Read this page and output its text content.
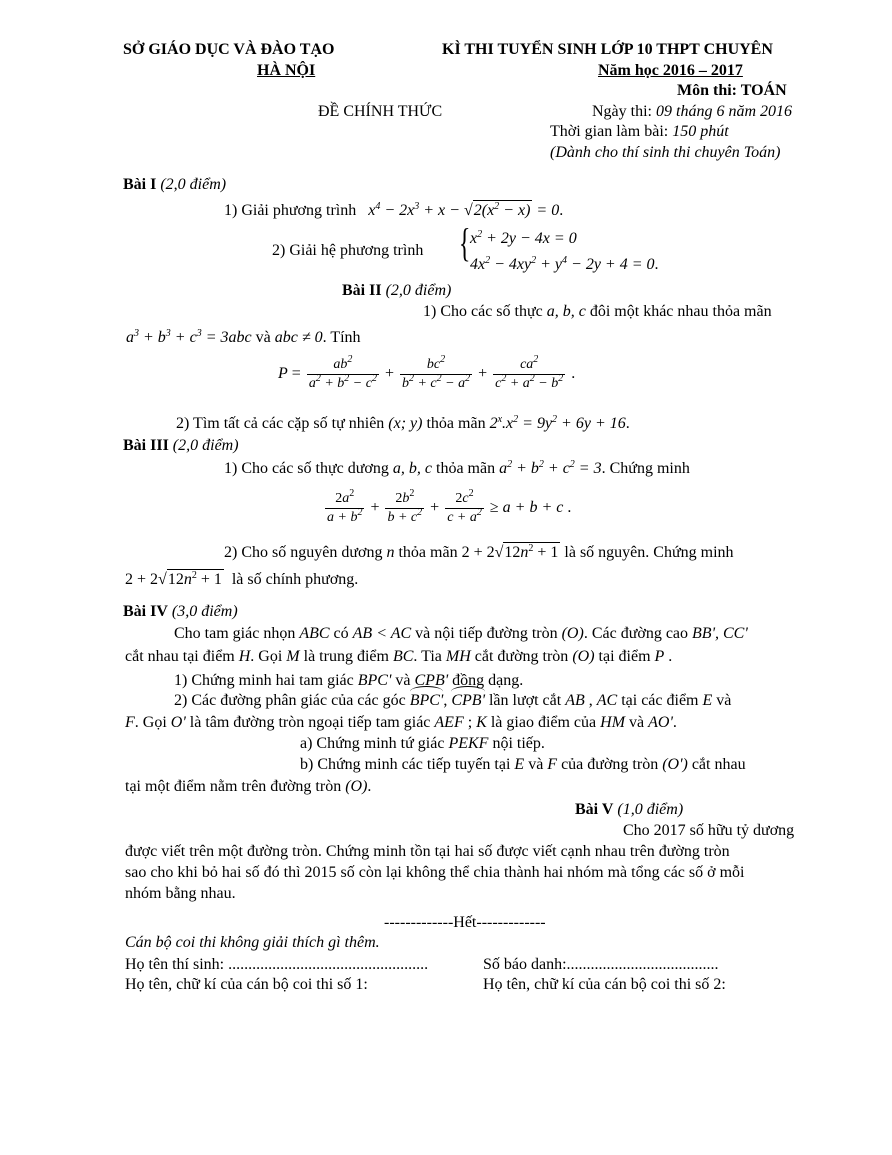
SỞ GIÁO DỤC VÀ ĐÀO TẠO
HÀ NỘI
KÌ THI TUYỂN SINH LỚP 10 THPT CHUYÊN
Năm học 2016 – 2017
Môn thi: TOÁN
ĐỀ CHÍNH THỨC	Ngày thi: 09 tháng 6 năm 2016
Thời gian làm bài: 150 phút
(Dành cho thí sinh thi chuyên Toán)
Bài I (2,0 điểm)
1) Giải phương trình $x^4 - 2x^3 + x - √2(x^2 - x) = 0$.
2) Giải hệ phương trình { $x^2 + 2y - 4x = 0$
$4x^2 - 4xy^2 + y^4 - 2y + 4 = 0$.
Bài II (2,0 điểm)
1) Cho các số thực a, b, c đôi một khác nhau thỏa mãn
$a^3 + b^3 + c^3 = 3abc$ và abc ≠ 0. Tính
$P = \frac{ab^2}{a^2 + b^2 - c^2} + \frac{bc^2}{b^2 + c^2 - a^2} + \frac{ca^2}{c^2 + a^2 - b^2}$ .
2) Tìm tất cả các cặp số tự nhiên (x; y) thỏa mãn $2^x.x^2 = 9y^2 + 6y + 16$.
Bài III (2,0 điểm)
1) Cho các số thực dương a, b, c thỏa mãn $a^2 + b^2 + c^2 = 3$. Chứng minh
$\frac{2a^2}{a + b^2} + \frac{2b^2}{b + c^2} + \frac{2c^2}{c + a^2} \ge a + b + c$ .
2) Cho số nguyên dương n thỏa mãn $2 + 2√12n^2 + 1$ là số nguyên. Chứng minh
$2 + 2√12n^2 + 1$ là số chính phương.
Bài IV (3,0 điểm)
Cho tam giác nhọn ABC có AB < AC và nội tiếp đường tròn (O). Các đường cao BB', CC'
cắt nhau tại điểm H. Gọi M là trung điểm BC. Tia MH cắt đường tròn (O) tại điểm P .
1) Chứng minh hai tam giác BPC' và CPB' đồng dạng.
2) Các đường phân giác của các góc BPC', CPB' lần lượt cắt AB , AC tại các điểm E và
F. Gọi O' là tâm đường tròn ngoại tiếp tam giác AEF ; K là giao điểm của HM và AO'.
a) Chứng minh tứ giác PEKF nội tiếp.
b) Chứng minh các tiếp tuyến tại E và F của đường tròn (O') cắt nhau
tại một điểm nằm trên đường tròn (O).
Bài V (1,0 điểm)
Cho 2017 số hữu tỷ dương
được viết trên một đường tròn. Chứng minh tồn tại hai số được viết cạnh nhau trên đường tròn
sao cho khi bỏ hai số đó thì 2015 số còn lại không thể chia thành hai nhóm mà tổng các số ở mỗi
nhóm bằng nhau.
-------------Hết-------------
Cán bộ coi thi không giải thích gì thêm.
Họ tên thí sinh: ..................................................	Số báo danh:......................................
Họ tên, chữ kí của cán bộ coi thi số 1:	Họ tên, chữ kí của cán bộ coi thi số 2:
